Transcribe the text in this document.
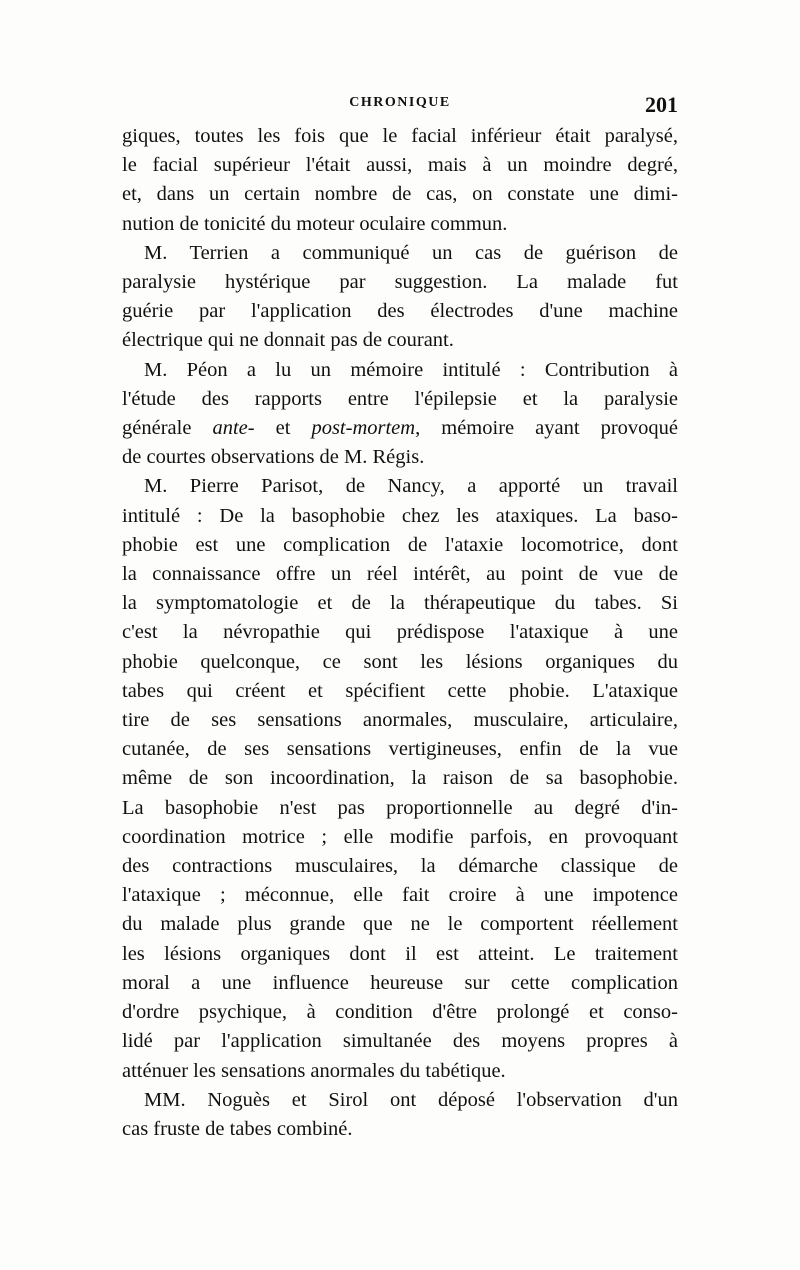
CHRONIQUE	201

giques, toutes les fois que le facial inférieur était paralysé,
le facial supérieur l'était aussi, mais à un moindre degré,
et, dans un certain nombre de cas, on constate une dimi-
nution de tonicité du moteur oculaire commun.

M. Terrien a communiqué un cas de guérison de
paralysie hystérique par suggestion. La malade fut
guérie par l'application des électrodes d'une machine
électrique qui ne donnait pas de courant.

M. Péon a lu un mémoire intitulé : Contribution à
l'étude des rapports entre l'épilepsie et la paralysie
générale ante- et post-mortem, mémoire ayant provoqué
de courtes observations de M. Régis.

M. Pierre Parisot, de Nancy, a apporté un travail
intitulé : De la basophobie chez les ataxiques. La baso-
phobie est une complication de l'ataxie locomotrice, dont
la connaissance offre un réel intérêt, au point de vue de
la symptomatologie et de la thérapeutique du tabes. Si
c'est la névropathie qui prédispose l'ataxique à une
phobie quelconque, ce sont les lésions organiques du
tabes qui créent et spécifient cette phobie. L'ataxique
tire de ses sensations anormales, musculaire, articulaire,
cutanée, de ses sensations vertigineuses, enfin de la vue
même de son incoordination, la raison de sa basophobie.
La basophobie n'est pas proportionnelle au degré d'in-
coordination motrice ; elle modifie parfois, en provoquant
des contractions musculaires, la démarche classique de
l'ataxique ; méconnue, elle fait croire à une impotence
du malade plus grande que ne le comportent réellement
les lésions organiques dont il est atteint. Le traitement
moral a une influence heureuse sur cette complication
d'ordre psychique, à condition d'être prolongé et conso-
lidé par l'application simultanée des moyens propres à
atténuer les sensations anormales du tabétique.

MM. Noguès et Sirol ont déposé l'observation d'un
cas fruste de tabes combiné.
